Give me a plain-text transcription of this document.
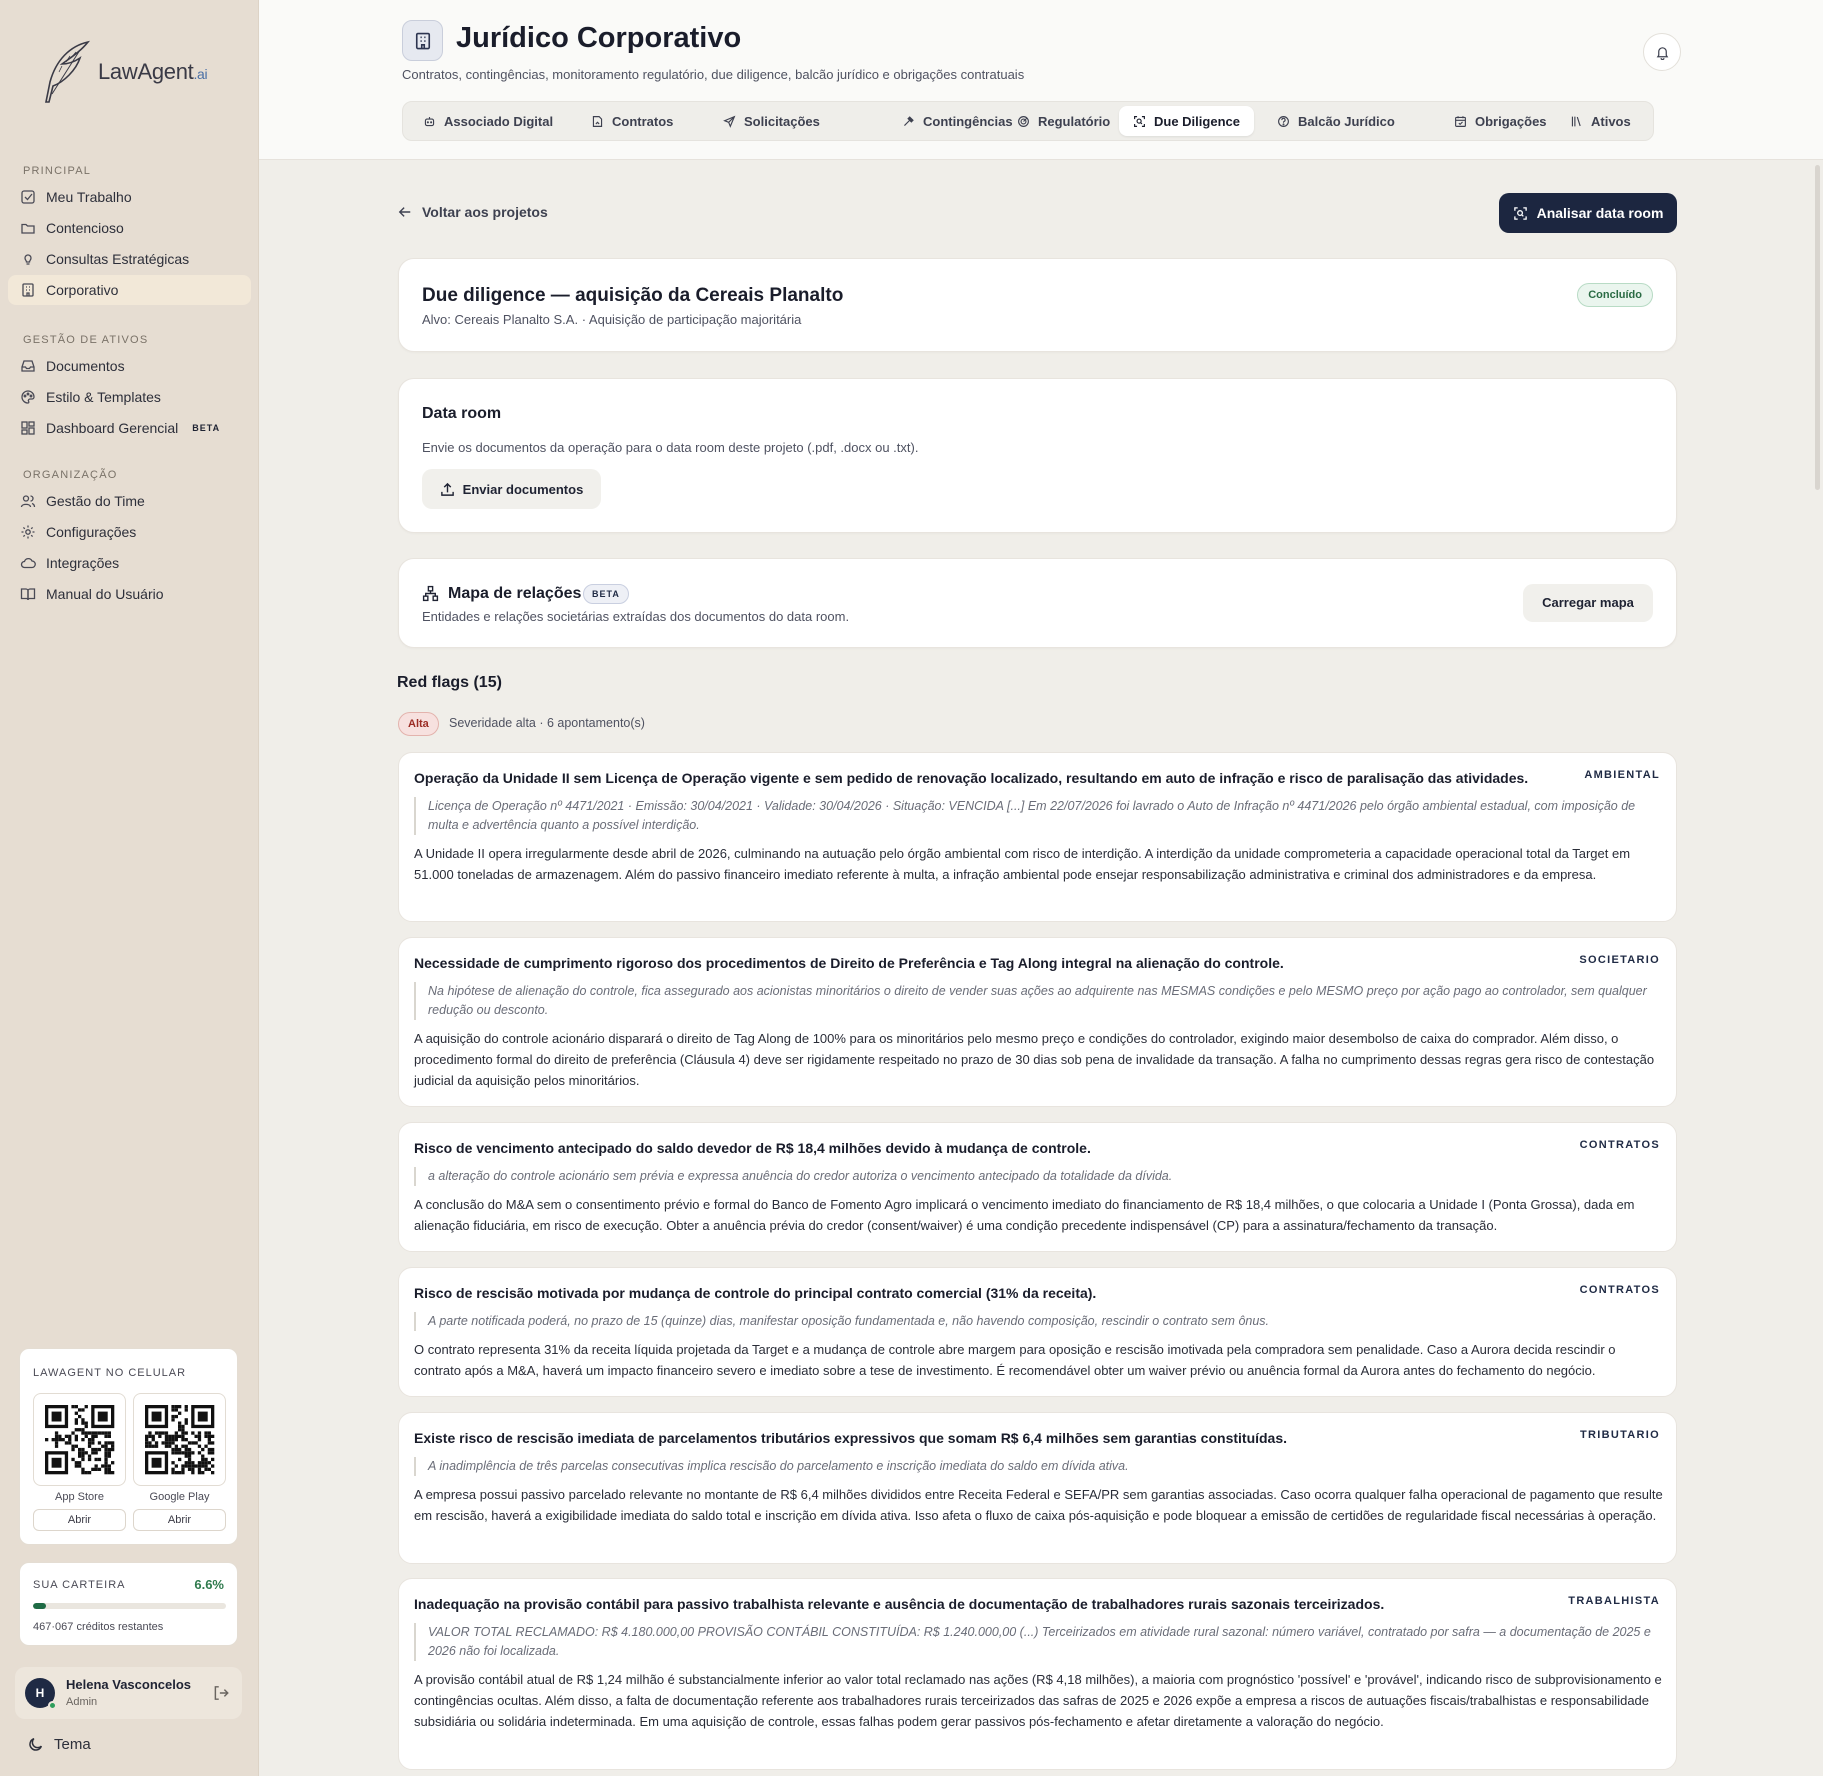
LawAgent.ai
PRINCIPAL
Meu Trabalho
Contencioso
Consultas Estratégicas
Corporativo
GESTÃO DE ATIVOS
Documentos
Estilo & Templates
Dashboard Gerencial BETA
ORGANIZAÇÃO
Gestão do Time
Configurações
Integrações
Manual do Usuário
LAWAGENT NO CELULAR
App Store	Google Play
Abrir	Abrir
SUA CARTEIRA	6.6%
467·067 créditos restantes
H
Helena Vasconcelos
Admin
Tema
Jurídico Corporativo
Contratos, contingências, monitoramento regulatório, due diligence, balcão jurídico e obrigações contratuais
Associado Digital	Contratos	Solicitações	Contingências Regulatório	Due Diligence	Balcão Jurídico	Obrigações	Ativos
Voltar aos projetos	Analisar data room
Due diligence — aquisição da Cereais Planalto
Alvo: Cereais Planalto S.A. · Aquisição de participação majoritária
Concluído
Data room
Envie os documentos da operação para o data room deste projeto (.pdf, .docx ou .txt).
Enviar documentos
Mapa de relações	BETA
Entidades e relações societárias extraídas dos documentos do data room.
Carregar mapa
Red flags (15)
Alta	Severidade alta · 6 apontamento(s)
Operação da Unidade II sem Licença de Operação vigente e sem pedido de renovação localizado, resultando em auto de infração e risco de paralisação das atividades.	AMBIENTAL
Licença de Operação nº 4471/2021 · Emissão: 30/04/2021 · Validade: 30/04/2026 · Situação: VENCIDA [...] Em 22/07/2026 foi lavrado o Auto de Infração nº 4471/2026 pelo órgão ambiental estadual, com imposição de multa e advertência quanto a possível interdição.
A Unidade II opera irregularmente desde abril de 2026, culminando na autuação pelo órgão ambiental com risco de interdição. A interdição da unidade comprometeria a capacidade operacional total da Target em 51.000 toneladas de armazenagem. Além do passivo financeiro imediato referente à multa, a infração ambiental pode ensejar responsabilização administrativa e criminal dos administradores e da empresa.
Necessidade de cumprimento rigoroso dos procedimentos de Direito de Preferência e Tag Along integral na alienação do controle.	SOCIETARIO
Na hipótese de alienação do controle, fica assegurado aos acionistas minoritários o direito de vender suas ações ao adquirente nas MESMAS condições e pelo MESMO preço por ação pago ao controlador, sem qualquer redução ou desconto.
A aquisição do controle acionário disparará o direito de Tag Along de 100% para os minoritários pelo mesmo preço e condições do controlador, exigindo maior desembolso de caixa do comprador. Além disso, o procedimento formal do direito de preferência (Cláusula 4) deve ser rigidamente respeitado no prazo de 30 dias sob pena de invalidade da transação. A falha no cumprimento dessas regras gera risco de contestação judicial da aquisição pelos minoritários.
Risco de vencimento antecipado do saldo devedor de R$ 18,4 milhões devido à mudança de controle.	CONTRATOS
a alteração do controle acionário sem prévia e expressa anuência do credor autoriza o vencimento antecipado da totalidade da dívida.
A conclusão do M&A sem o consentimento prévio e formal do Banco de Fomento Agro implicará o vencimento imediato do financiamento de R$ 18,4 milhões, o que colocaria a Unidade I (Ponta Grossa), dada em alienação fiduciária, em risco de execução. Obter a anuência prévia do credor (consent/waiver) é uma condição precedente indispensável (CP) para a assinatura/fechamento da transação.
Risco de rescisão motivada por mudança de controle do principal contrato comercial (31% da receita).	CONTRATOS
A parte notificada poderá, no prazo de 15 (quinze) dias, manifestar oposição fundamentada e, não havendo composição, rescindir o contrato sem ônus.
O contrato representa 31% da receita líquida projetada da Target e a mudança de controle abre margem para oposição e rescisão imotivada pela compradora sem penalidade. Caso a Aurora decida rescindir o contrato após a M&A, haverá um impacto financeiro severo e imediato sobre a tese de investimento. É recomendável obter um waiver prévio ou anuência formal da Aurora antes do fechamento do negócio.
Existe risco de rescisão imediata de parcelamentos tributários expressivos que somam R$ 6,4 milhões sem garantias constituídas.	TRIBUTARIO
A inadimplência de três parcelas consecutivas implica rescisão do parcelamento e inscrição imediata do saldo em dívida ativa.
A empresa possui passivo parcelado relevante no montante de R$ 6,4 milhões divididos entre Receita Federal e SEFA/PR sem garantias associadas. Caso ocorra qualquer falha operacional de pagamento que resulte em rescisão, haverá a exigibilidade imediata do saldo total e inscrição em dívida ativa. Isso afeta o fluxo de caixa pós-aquisição e pode bloquear a emissão de certidões de regularidade fiscal necessárias à operação.
Inadequação na provisão contábil para passivo trabalhista relevante e ausência de documentação de trabalhadores rurais sazonais terceirizados.	TRABALHISTA
VALOR TOTAL RECLAMADO: R$ 4.180.000,00 PROVISÃO CONTÁBIL CONSTITUÍDA: R$ 1.240.000,00 (...) Terceirizados em atividade rural sazonal: número variável, contratado por safra — a documentação de 2025 e 2026 não foi localizada.
A provisão contábil atual de R$ 1,24 milhão é substancialmente inferior ao valor total reclamado nas ações (R$ 4,18 milhões), a maioria com prognóstico 'possível' e 'provável', indicando risco de subprovisionamento e contingências ocultas. Além disso, a falta de documentação referente aos trabalhadores rurais terceirizados das safras de 2025 e 2026 expõe a empresa a riscos de autuações fiscais/trabalhistas e responsabilidade subsidiária ou solidária indeterminada. Em uma aquisição de controle, essas falhas podem gerar passivos pós-fechamento e afetar diretamente a valoração do negócio.
